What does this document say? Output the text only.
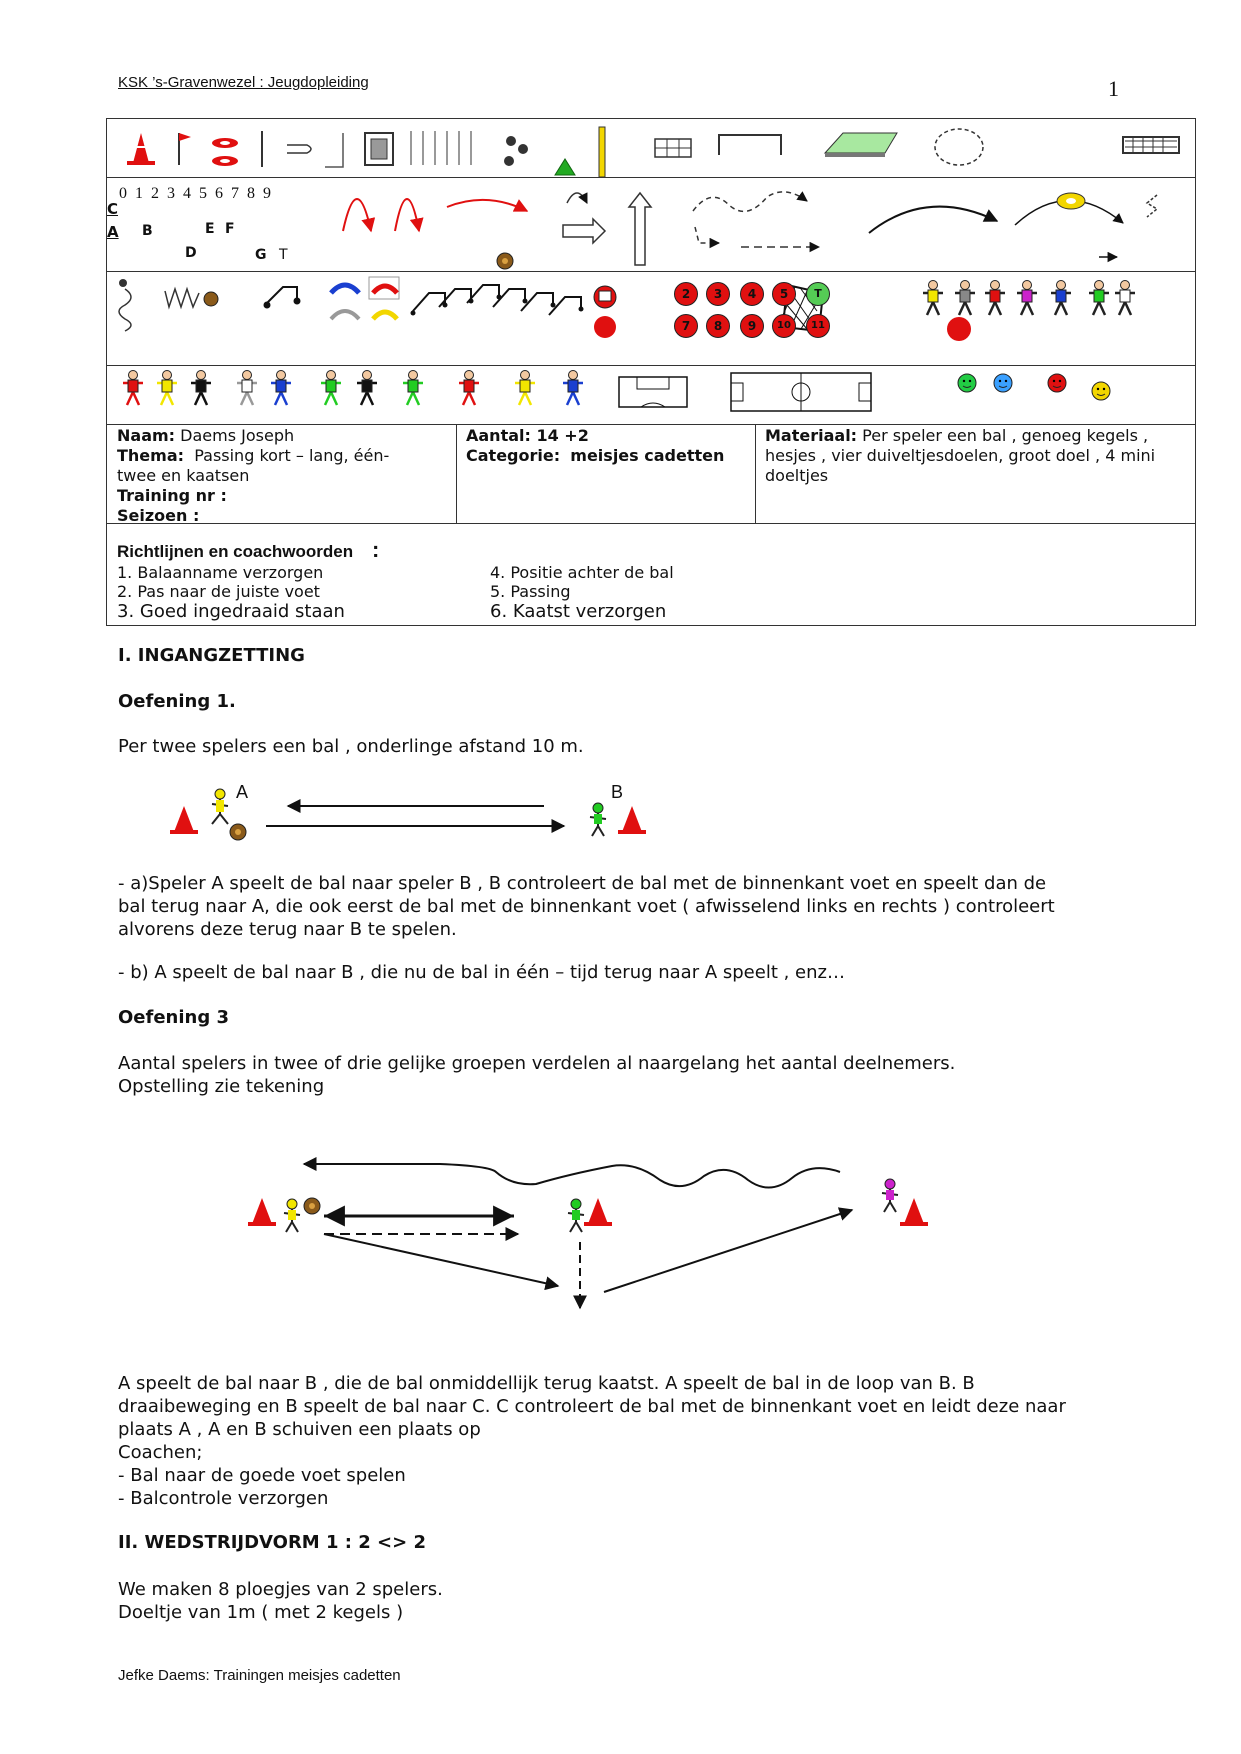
KSK ’s-Gravenwezel : Jeugdopleiding	1
0 1 2 3 4 5 6 7 8 9
C
A B	E F
D	G T
2	3	4	5
7	8	9	10	11
T
Naam: Daems Joseph
Thema: Passing kort – lang, één-
twee en kaatsen
Training nr :
Seizoen :
Aantal: 14 +2
Categorie: meisjes cadetten
Materiaal: Per speler een bal , genoeg kegels ,
hesjes , vier duiveltjesdoelen, groot doel , 4 mini
doeltjes
Richtlijnen en coachwoorden :
1. Balaanname verzorgen
2. Pas naar de juiste voet
3. Goed ingedraaid staan
4. Positie achter de bal
5. Passing
6. Kaatst verzorgen
I. INGANGZETTING
Oefening 1.
Per twee spelers een bal , onderlinge afstand 10 m.
A	B
- a)Speler A speelt de bal naar speler B , B controleert de bal met de binnenkant voet en speelt dan de
bal terug naar A, die ook eerst de bal met de binnenkant voet ( afwisselend links en rechts ) controleert
alvorens deze terug naar B te spelen.
- b) A speelt de bal naar B , die nu de bal in één – tijd terug naar A speelt , enz…
Oefening 3
Aantal spelers in twee of drie gelijke groepen verdelen al naargelang het aantal deelnemers.
Opstelling zie tekening
A speelt de bal naar B , die de bal onmiddellijk terug kaatst. A speelt de bal in de loop van B. B
draaibeweging en B speelt de bal naar C. C controleert de bal met de binnenkant voet en leidt deze naar
plaats A , A en B schuiven een plaats op
Coachen;
- Bal naar de goede voet spelen
- Balcontrole verzorgen
II. WEDSTRIJDVORM 1 : 2 <> 2
We maken 8 ploegjes van 2 spelers.
Doeltje van 1m ( met 2 kegels )
Jefke Daems: Trainingen meisjes cadetten
